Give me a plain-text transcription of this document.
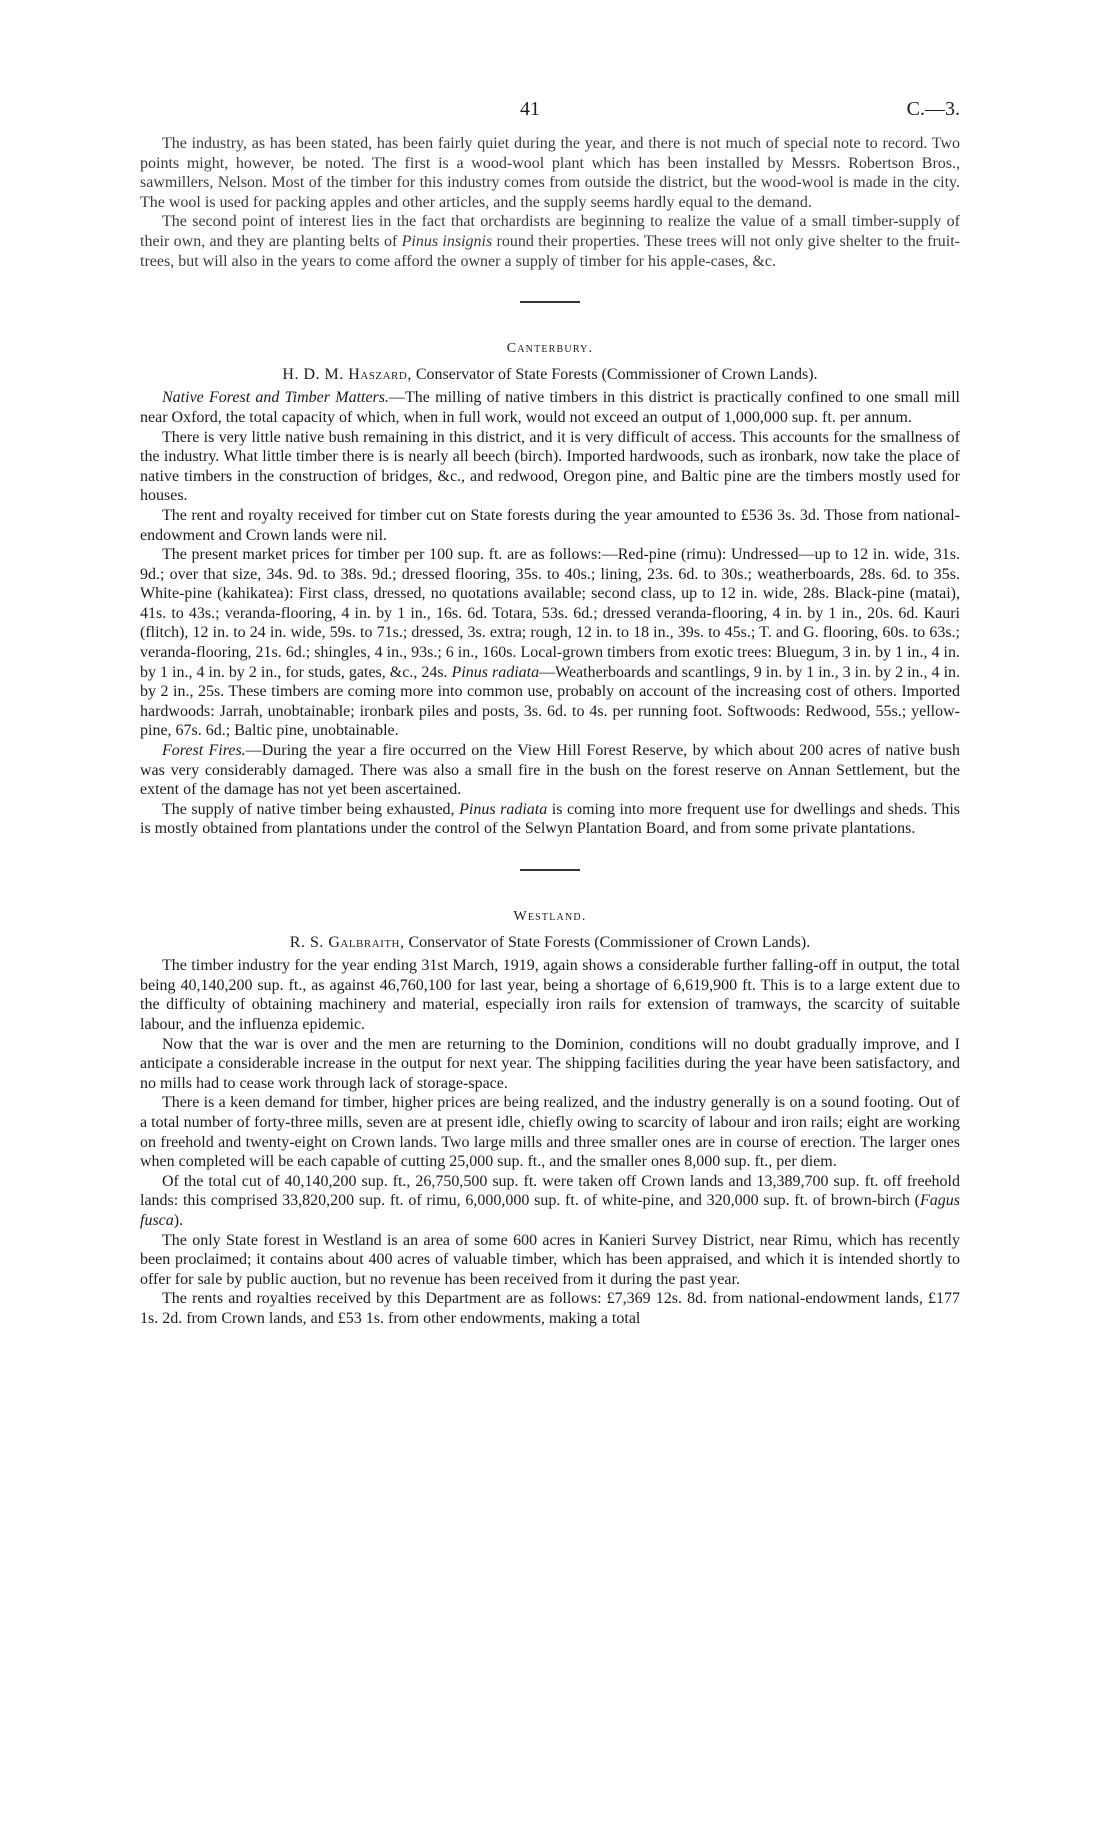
41	C.—3.

The industry, as has been stated, has been fairly quiet during the year, and there is not much of special note to record. Two points might, however, be noted. The first is a wood-wool plant which has been installed by Messrs. Robertson Bros., sawmillers, Nelson. Most of the timber for this industry comes from outside the district, but the wood-wool is made in the city. The wool is used for packing apples and other articles, and the supply seems hardly equal to the demand.

The second point of interest lies in the fact that orchardists are beginning to realize the value of a small timber-supply of their own, and they are planting belts of Pinus insignis round their properties. These trees will not only give shelter to the fruit-trees, but will also in the years to come afford the owner a supply of timber for his apple-cases, &c.

Canterbury.

H. D. M. Haszard, Conservator of State Forests (Commissioner of Crown Lands).

Native Forest and Timber Matters.—The milling of native timbers in this district is practically confined to one small mill near Oxford, the total capacity of which, when in full work, would not exceed an output of 1,000,000 sup. ft. per annum.

There is very little native bush remaining in this district, and it is very difficult of access. This accounts for the smallness of the industry. What little timber there is is nearly all beech (birch). Imported hardwoods, such as ironbark, now take the place of native timbers in the construction of bridges, &c., and redwood, Oregon pine, and Baltic pine are the timbers mostly used for houses.

The rent and royalty received for timber cut on State forests during the year amounted to £536 3s. 3d. Those from national-endowment and Crown lands were nil.

The present market prices for timber per 100 sup. ft. are as follows:—Red-pine (rimu): Undressed—up to 12 in. wide, 31s. 9d.; over that size, 34s. 9d. to 38s. 9d.; dressed flooring, 35s. to 40s.; lining, 23s. 6d. to 30s.; weatherboards, 28s. 6d. to 35s. White-pine (kahikatea): First class, dressed, no quotations available; second class, up to 12 in. wide, 28s. Black-pine (matai), 41s. to 43s.; veranda-flooring, 4 in. by 1 in., 16s. 6d. Totara, 53s. 6d.; dressed veranda-flooring, 4 in. by 1 in., 20s. 6d. Kauri (flitch), 12 in. to 24 in. wide, 59s. to 71s.; dressed, 3s. extra; rough, 12 in. to 18 in., 39s. to 45s.; T. and G. flooring, 60s. to 63s.; veranda-flooring, 21s. 6d.; shingles, 4 in., 93s.; 6 in., 160s. Local-grown timbers from exotic trees: Bluegum, 3 in. by 1 in., 4 in. by 1 in., 4 in. by 2 in., for studs, gates, &c., 24s. Pinus radiata—Weatherboards and scantlings, 9 in. by 1 in., 3 in. by 2 in., 4 in. by 2 in., 25s. These timbers are coming more into common use, probably on account of the increasing cost of others. Imported hardwoods: Jarrah, unobtainable; ironbark piles and posts, 3s. 6d. to 4s. per running foot. Softwoods: Redwood, 55s.; yellow-pine, 67s. 6d.; Baltic pine, unobtainable.

Forest Fires.—During the year a fire occurred on the View Hill Forest Reserve, by which about 200 acres of native bush was very considerably damaged. There was also a small fire in the bush on the forest reserve on Annan Settlement, but the extent of the damage has not yet been ascertained.

The supply of native timber being exhausted, Pinus radiata is coming into more frequent use for dwellings and sheds. This is mostly obtained from plantations under the control of the Selwyn Plantation Board, and from some private plantations.

Westland.

R. S. Galbraith, Conservator of State Forests (Commissioner of Crown Lands).

The timber industry for the year ending 31st March, 1919, again shows a considerable further falling-off in output, the total being 40,140,200 sup. ft., as against 46,760,100 for last year, being a shortage of 6,619,900 ft. This is to a large extent due to the difficulty of obtaining machinery and material, especially iron rails for extension of tramways, the scarcity of suitable labour, and the influenza epidemic.

Now that the war is over and the men are returning to the Dominion, conditions will no doubt gradually improve, and I anticipate a considerable increase in the output for next year. The shipping facilities during the year have been satisfactory, and no mills had to cease work through lack of storage-space.

There is a keen demand for timber, higher prices are being realized, and the industry generally is on a sound footing. Out of a total number of forty-three mills, seven are at present idle, chiefly owing to scarcity of labour and iron rails; eight are working on freehold and twenty-eight on Crown lands. Two large mills and three smaller ones are in course of erection. The larger ones when completed will be each capable of cutting 25,000 sup. ft., and the smaller ones 8,000 sup. ft., per diem.

Of the total cut of 40,140,200 sup. ft., 26,750,500 sup. ft. were taken off Crown lands and 13,389,700 sup. ft. off freehold lands: this comprised 33,820,200 sup. ft. of rimu, 6,000,000 sup. ft. of white-pine, and 320,000 sup. ft. of brown-birch (Fagus fusca).

The only State forest in Westland is an area of some 600 acres in Kanieri Survey District, near Rimu, which has recently been proclaimed; it contains about 400 acres of valuable timber, which has been appraised, and which it is intended shortly to offer for sale by public auction, but no revenue has been received from it during the past year.

The rents and royalties received by this Department are as follows: £7,369 12s. 8d. from national-endowment lands, £177 1s. 2d. from Crown lands, and £53 1s. from other endowments, making a total
